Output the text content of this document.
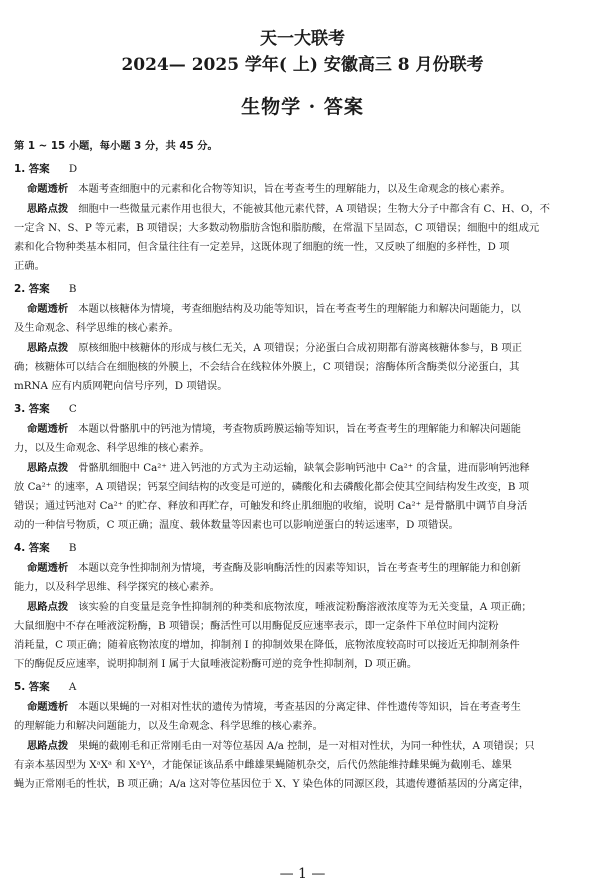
天一大联考
2024— 2025 学年( 上) 安徽高三 8 月份联考
生物学 · 答案
第 1 ~ 15 小题，每小题 3 分，共 45 分。
1. 答案 D
命题透析 本题考查细胞中的元素和化合物等知识，旨在考查考生的理解能力，以及生命观念的核心素养。
思路点拨 细胞中一些微量元素作用也很大，不能被其他元素代替，A 项错误；生物大分子中都含有 C、H、O，不
一定含 N、S、P 等元素，B 项错误；大多数动物脂肪含饱和脂肪酸，在常温下呈固态，C 项错误；细胞中的组成元
素和化合物种类基本相同，但含量往往有一定差异，这既体现了细胞的统一性，又反映了细胞的多样性，D 项
正确。
2. 答案 B
命题透析 本题以核糖体为情境，考查细胞结构及功能等知识，旨在考查考生的理解能力和解决问题能力，以
及生命观念、科学思维的核心素养。
思路点拨 原核细胞中核糖体的形成与核仁无关，A 项错误；分泌蛋白合成初期都有游离核糖体参与，B 项正
确；核糖体可以结合在细胞核的外膜上，不会结合在线粒体外膜上，C 项错误；溶酶体所含酶类似分泌蛋白，其
mRNA 应有内质网靶向信号序列，D 项错误。
3. 答案 C
命题透析 本题以骨骼肌中的钙池为情境，考查物质跨膜运输等知识，旨在考查考生的理解能力和解决问题能
力，以及生命观念、科学思维的核心素养。
思路点拨 骨骼肌细胞中 Ca²⁺ 进入钙池的方式为主动运输，缺氧会影响钙池中 Ca²⁺ 的含量，进而影响钙池释
放 Ca²⁺ 的速率，A 项错误；钙泵空间结构的改变是可逆的，磷酸化和去磷酸化都会使其空间结构发生改变，B 项
错误；通过钙池对 Ca²⁺ 的贮存、释放和再贮存，可触发和终止肌细胞的收缩，说明 Ca²⁺ 是骨骼肌中调节自身活
动的一种信号物质，C 项正确；温度、载体数量等因素也可以影响逆蛋白的转运速率，D 项错误。
4. 答案 B
命题透析 本题以竞争性抑制剂为情境，考查酶及影响酶活性的因素等知识，旨在考查考生的理解能力和创新
能力，以及科学思维、科学探究的核心素养。
思路点拨 该实验的自变量是竞争性抑制剂的种类和底物浓度，唾液淀粉酶溶液浓度等为无关变量，A 项正确；
大鼠细胞中不存在唾液淀粉酶，B 项错误；酶活性可以用酶促反应速率表示，即一定条件下单位时间内淀粉
消耗量，C 项正确；随着底物浓度的增加，抑制剂 Ⅰ 的抑制效果在降低，底物浓度较高时可以接近无抑制剂条件
下的酶促反应速率，说明抑制剂 Ⅰ 属于大鼠唾液淀粉酶可逆的竞争性抑制剂，D 项正确。
5. 答案 A
命题透析 本题以果蝇的一对相对性状的遗传为情境，考查基因的分离定律、伴性遗传等知识，旨在考查考生
的理解能力和解决问题能力，以及生命观念、科学思维的核心素养。
思路点拨 果蝇的截刚毛和正常刚毛由一对等位基因 A/a 控制，是一对相对性状，为同一种性状，A 项错误；只
有亲本基因型为 XᵃXᵃ 和 XᵃYᴬ，才能保证该品系中雌雄果蝇随机杂交，后代仍然能维持雌果蝇为截刚毛、雄果
蝇为正常刚毛的性状，B 项正确；A/a 这对等位基因位于 X、Y 染色体的同源区段，其遗传遵循基因的分离定律，
— 1 —
